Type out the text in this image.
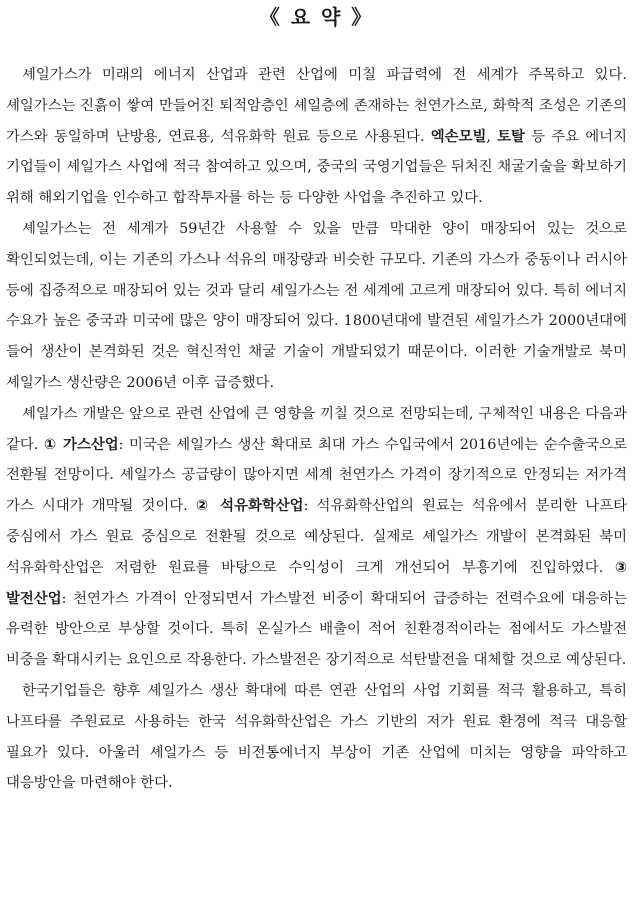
《 요 약 》

셰일가스가 미래의 에너지 산업과 관련 산업에 미칠 파급력에 전 세계가 주목하고 있다. 셰일가스는 진흙이 쌓여 만들어진 퇴적암층인 셰일층에 존재하는 천연가스로, 화학적 조성은 기존의 가스와 동일하며 난방용, 연료용, 석유화학 원료 등으로 사용된다. 엑손모빌, 토탈 등 주요 에너지 기업들이 셰일가스 사업에 적극 참여하고 있으며, 중국의 국영기업들은 뒤처진 채굴기술을 확보하기 위해 해외기업을 인수하고 합작투자를 하는 등 다양한 사업을 추진하고 있다.

셰일가스는 전 세계가 59년간 사용할 수 있을 만큼 막대한 양이 매장되어 있는 것으로 확인되었는데, 이는 기존의 가스나 석유의 매장량과 비슷한 규모다. 기존의 가스가 중동이나 러시아 등에 집중적으로 매장되어 있는 것과 달리 셰일가스는 전 세계에 고르게 매장되어 있다. 특히 에너지 수요가 높은 중국과 미국에 많은 양이 매장되어 있다. 1800년대에 발견된 셰일가스가 2000년대에 들어 생산이 본격화된 것은 혁신적인 채굴 기술이 개발되었기 때문이다. 이러한 기술개발로 북미 셰일가스 생산량은 2006년 이후 급증했다.

셰일가스 개발은 앞으로 관련 산업에 큰 영향을 끼칠 것으로 전망되는데, 구체적인 내용은 다음과 같다. ① 가스산업: 미국은 셰일가스 생산 확대로 최대 가스 수입국에서 2016년에는 순수출국으로 전환될 전망이다. 셰일가스 공급량이 많아지면 세계 천연가스 가격이 장기적으로 안정되는 저가격 가스 시대가 개막될 것이다. ② 석유화학산업: 석유화학산업의 원료는 석유에서 분리한 나프타 중심에서 가스 원료 중심으로 전환될 것으로 예상된다. 실제로 셰일가스 개발이 본격화된 북미 석유화학산업은 저렴한 원료를 바탕으로 수익성이 크게 개선되어 부흥기에 진입하였다. ③ 발전산업: 천연가스 가격이 안정되면서 가스발전 비중이 확대되어 급증하는 전력수요에 대응하는 유력한 방안으로 부상할 것이다. 특히 온실가스 배출이 적어 친환경적이라는 점에서도 가스발전 비중을 확대시키는 요인으로 작용한다. 가스발전은 장기적으로 석탄발전을 대체할 것으로 예상된다.

한국기업들은 향후 셰일가스 생산 확대에 따른 연관 산업의 사업 기회를 적극 활용하고, 특히 나프타를 주원료로 사용하는 한국 석유화학산업은 가스 기반의 저가 원료 환경에 적극 대응할 필요가 있다. 아울러 셰일가스 등 비전통에너지 부상이 기존 산업에 미치는 영향을 파악하고 대응방안을 마련해야 한다.
